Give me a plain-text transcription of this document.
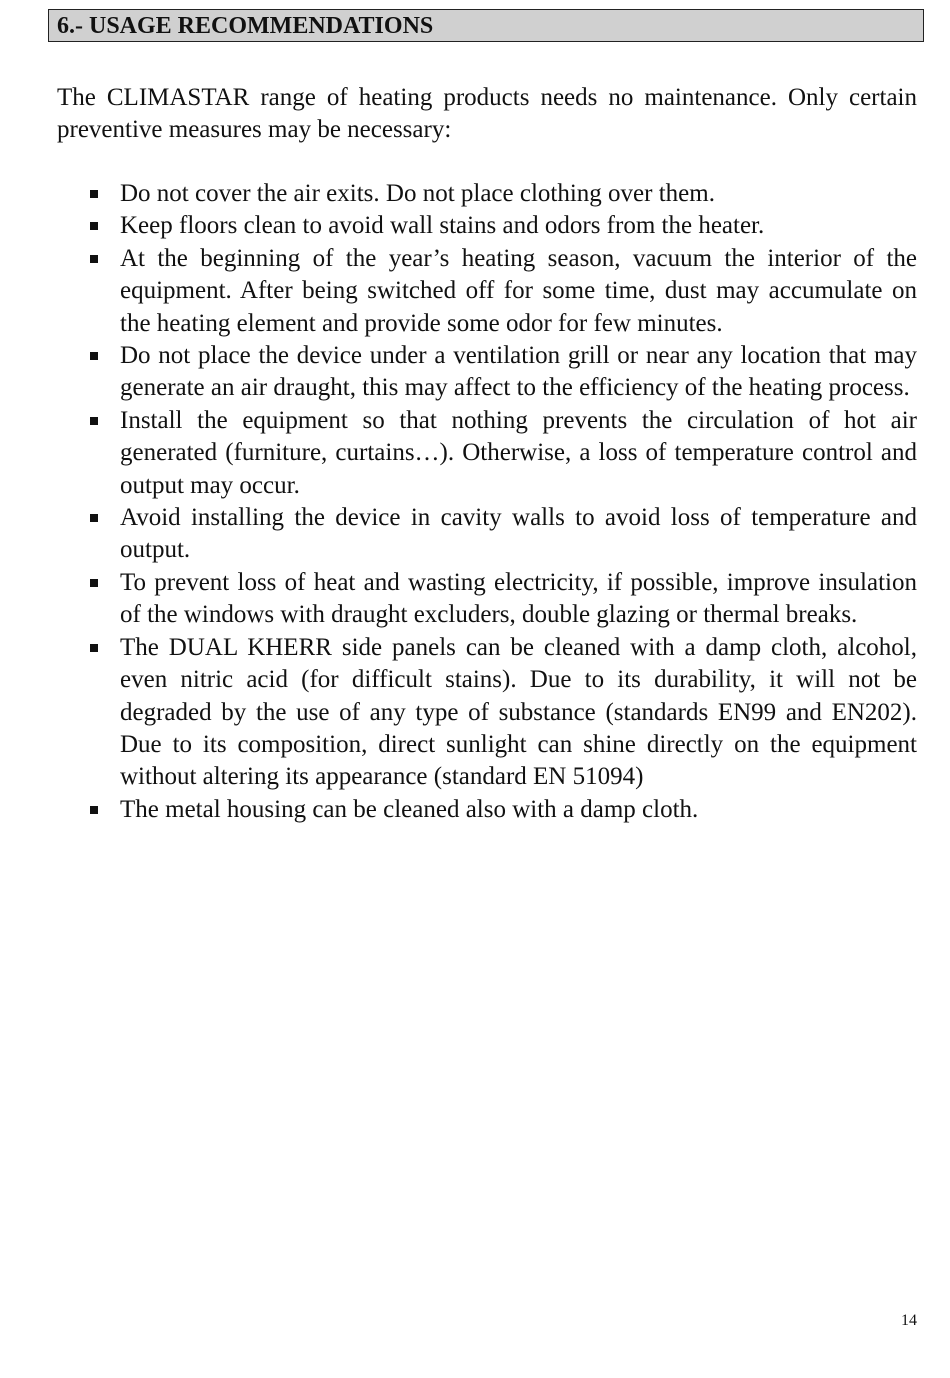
6.- USAGE RECOMMENDATIONS

The CLIMASTAR range of heating products needs no maintenance. Only certain preventive measures may be necessary:

Do not cover the air exits. Do not place clothing over them.
Keep floors clean to avoid wall stains and odors from the heater.
At the beginning of the year’s heating season, vacuum the interior of the equipment. After being switched off for some time, dust may accumulate on the heating element and provide some odor for few minutes.
Do not place the device under a ventilation grill or near any location that may generate an air draught, this may affect to the efficiency of the heating process.
Install the equipment so that nothing prevents the circulation of hot air generated (furniture, curtains…). Otherwise, a loss of temperature control and output may occur.
Avoid installing the device in cavity walls to avoid loss of temperature and output.
To prevent loss of heat and wasting electricity, if possible, improve insulation of the windows with draught excluders, double glazing or thermal breaks.
The DUAL KHERR side panels can be cleaned with a damp cloth, alcohol, even nitric acid (for difficult stains). Due to its durability, it will not be degraded by the use of any type of substance (standards EN99 and EN202). Due to its composition, direct sunlight can shine directly on the equipment without altering its appearance (standard EN 51094)
The metal housing can be cleaned also with a damp cloth.
14
